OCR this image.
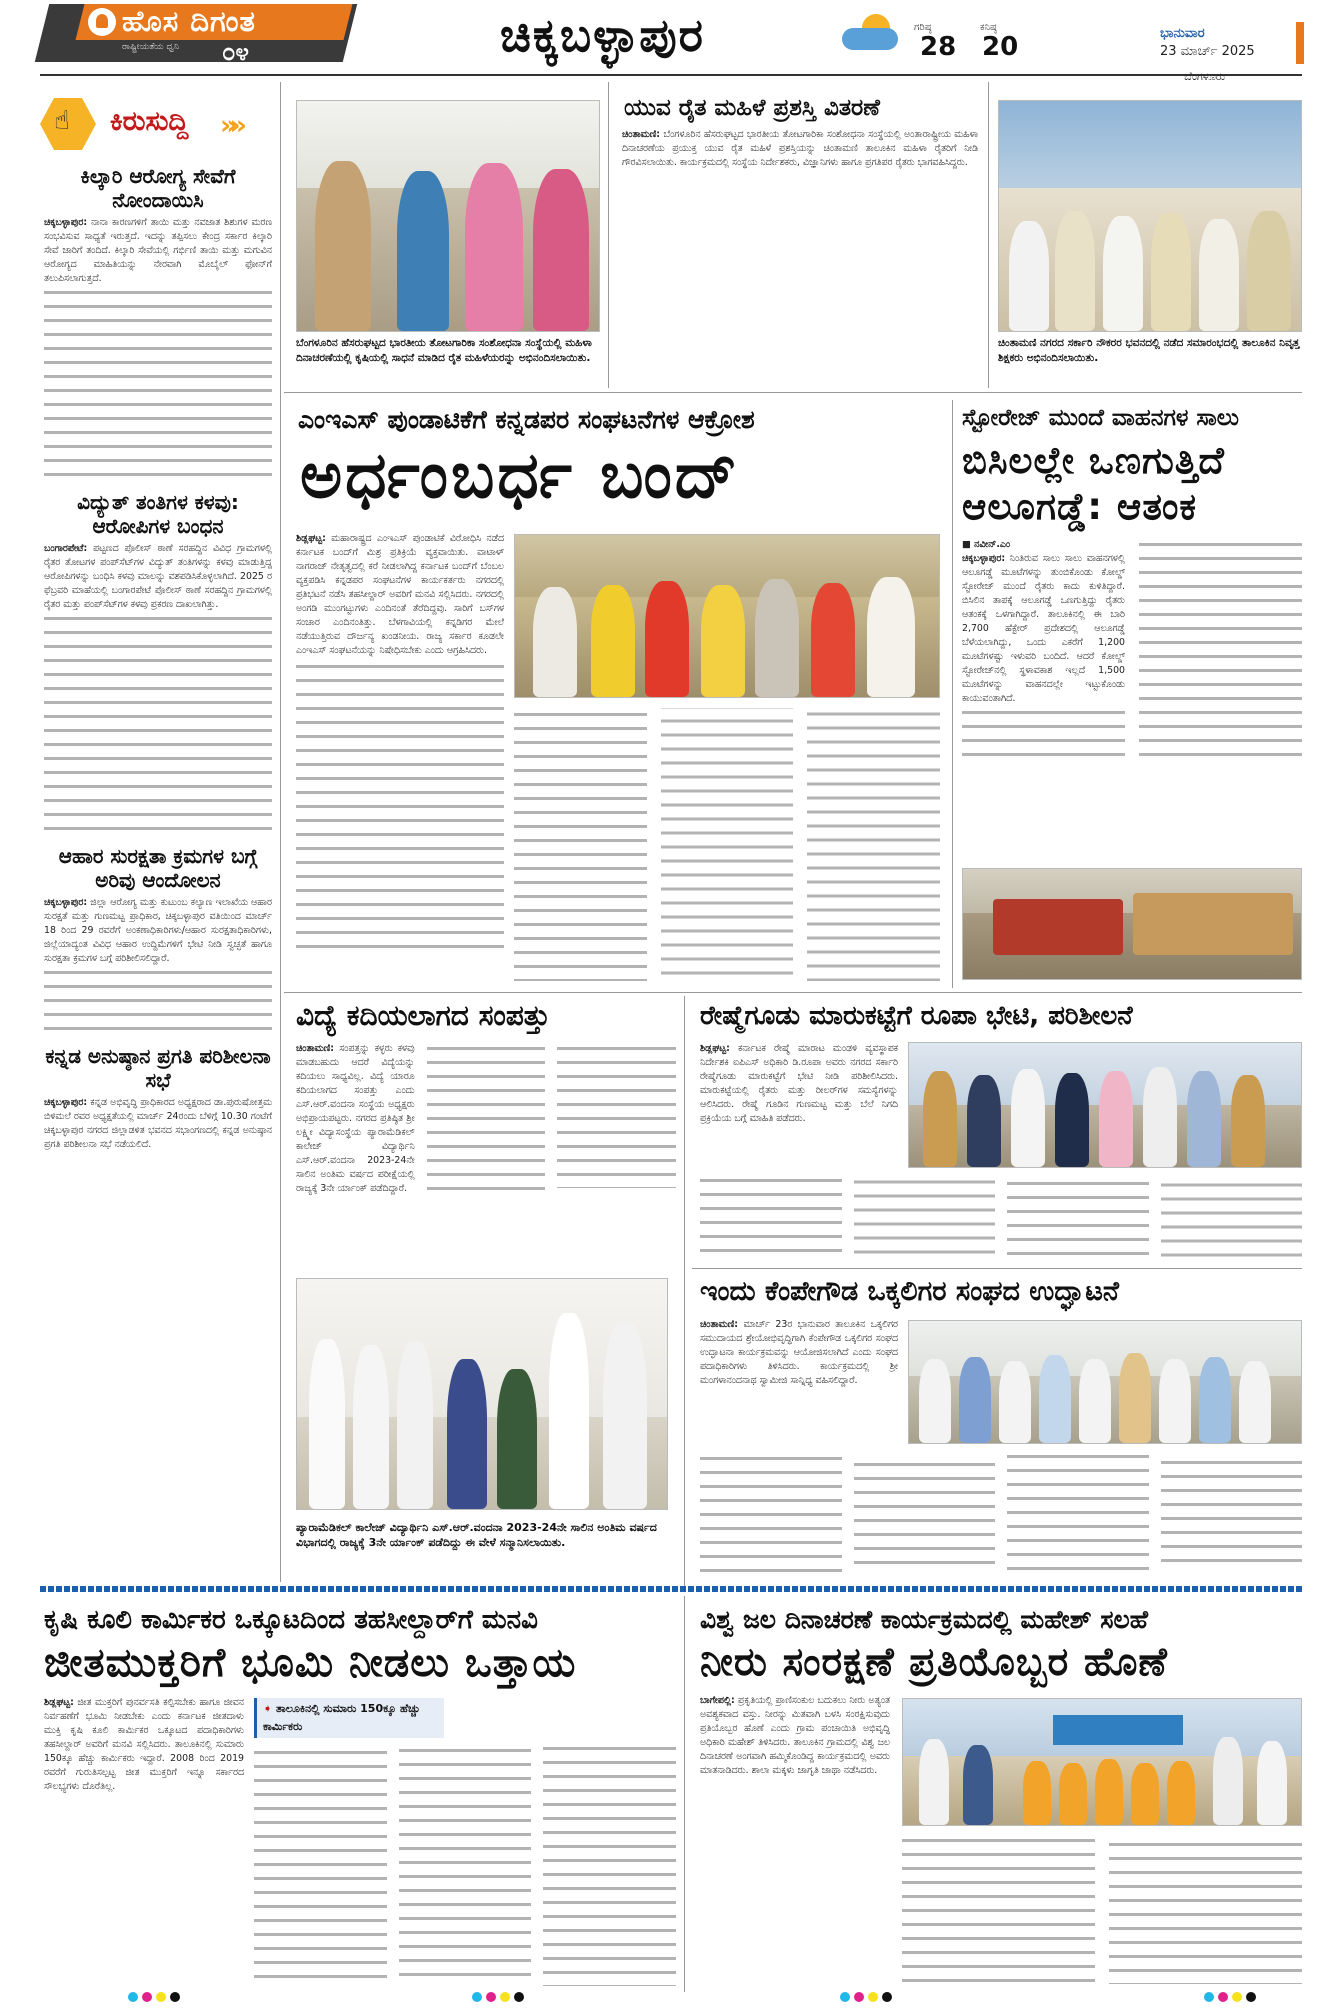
ಹೊಸ ದಿಗಂತ
ರಾಷ್ಟ್ರೀಯತೆಯ ಧ್ವನಿ ೦೪	ಚಿಕ್ಕಬಳ್ಳಾಪುರ	ಗರಿಷ್ಠ
28
ಕನಿಷ್ಠ
20	ಭಾನುವಾರ
23 ಮಾರ್ಚ್ 2025
ಬೆಂಗಳೂರು
☝
ಕಿರುಸುದ್ದಿ »»
ಕಿಲ್ಕಾರಿ ಆರೋಗ್ಯ ಸೇವೆಗೆ ನೋಂದಾಯಿಸಿ
ಚಿಕ್ಕಬಳ್ಳಾಪುರ: ನಾನಾ ಕಾರಣಗಳಿಗೆ ತಾಯಿ ಮತ್ತು ನವಜಾತ ಶಿಶುಗಳ ಮರಣ ಸಂಭವಿಸುವ ಸಾಧ್ಯತೆ ಇರುತ್ತದೆ. ಇದನ್ನು ತಪ್ಪಿಸಲು ಕೇಂದ್ರ ಸರ್ಕಾರ ಕಿಲ್ಕಾರಿ ಸೇವೆ ಜಾರಿಗೆ ತಂದಿದೆ. ಕಿಲ್ಕಾರಿ ಸೇವೆಯಲ್ಲಿ ಗರ್ಭಿಣಿ ತಾಯಿ ಮತ್ತು ಮಗುವಿನ ಆರೋಗ್ಯದ ಮಾಹಿತಿಯನ್ನು ನೇರವಾಗಿ ಮೊಬೈಲ್ ಫೋನ್‌ಗೆ ತಲುಪಿಸಲಾಗುತ್ತದೆ.
ವಿದ್ಯುತ್ ತಂತಿಗಳ ಕಳವು: ಆರೋಪಿಗಳ ಬಂಧನ
ಬಂಗಾರಪೇಟೆ: ಪಟ್ಟಣದ ಪೊಲೀಸ್ ಠಾಣೆ ಸರಹದ್ದಿನ ವಿವಿಧ ಗ್ರಾಮಗಳಲ್ಲಿ ರೈತರ ತೋಟಗಳ ಪಂಪ್‌ಸೆಟ್‌ಗಳ ವಿದ್ಯುತ್ ತಂತಿಗಳನ್ನು ಕಳವು ಮಾಡುತ್ತಿದ್ದ ಆರೋಪಿಗಳನ್ನು ಬಂಧಿಸಿ ಕಳವು ಮಾಲನ್ನು ವಶಪಡಿಸಿಕೊಳ್ಳಲಾಗಿದೆ. 2025 ರ ಫೆಬ್ರವರಿ ಮಾಹೆಯಲ್ಲಿ ಬಂಗಾರಪೇಟೆ ಪೊಲೀಸ್ ಠಾಣೆ ಸರಹದ್ದಿನ ಗ್ರಾಮಗಳಲ್ಲಿ ರೈತರ ಮತ್ತು ಪಂಪ್‌ಸೆಟ್‌ಗಳ ಕಳವು ಪ್ರಕರಣ ದಾಖಲಾಗಿತ್ತು.
ಆಹಾರ ಸುರಕ್ಷತಾ ಕ್ರಮಗಳ ಬಗ್ಗೆ ಅರಿವು ಆಂದೋಲನ
ಚಿಕ್ಕಬಳ್ಳಾಪುರ: ಜಿಲ್ಲಾ ಆರೋಗ್ಯ ಮತ್ತು ಕುಟುಂಬ ಕಲ್ಯಾಣ ಇಲಾಖೆಯ ಆಹಾರ ಸುರಕ್ಷತೆ ಮತ್ತು ಗುಣಮಟ್ಟ ಪ್ರಾಧಿಕಾರ, ಚಿಕ್ಕಬಳ್ಳಾಪುರ ವತಿಯಿಂದ ಮಾರ್ಚ್ 18 ರಿಂದ 29 ರವರೆಗೆ ಅಂಕಣಾಧಿಕಾರಿಗಳು/ಆಹಾರ ಸುರಕ್ಷತಾಧಿಕಾರಿಗಳು, ಜಿಲ್ಲೆಯಾದ್ಯಂತ ವಿವಿಧ ಆಹಾರ ಉದ್ದಿಮೆಗಳಿಗೆ ಭೇಟಿ ನೀಡಿ ಸ್ವಚ್ಛತೆ ಹಾಗೂ ಸುರಕ್ಷತಾ ಕ್ರಮಗಳ ಬಗ್ಗೆ ಪರಿಶೀಲಿಸಲಿದ್ದಾರೆ.
ಕನ್ನಡ ಅನುಷ್ಠಾನ ಪ್ರಗತಿ ಪರಿಶೀಲನಾ ಸಭೆ
ಚಿಕ್ಕಬಳ್ಳಾಪುರ: ಕನ್ನಡ ಅಭಿವೃದ್ಧಿ ಪ್ರಾಧಿಕಾರದ ಅಧ್ಯಕ್ಷರಾದ ಡಾ.ಪುರುಷೋತ್ತಮ ಬಿಳಿಮಲೆ ರವರ ಅಧ್ಯಕ್ಷತೆಯಲ್ಲಿ ಮಾರ್ಚ್ 24ರಂದು ಬೆಳಿಗ್ಗೆ 10.30 ಗಂಟೆಗೆ ಚಿಕ್ಕಬಳ್ಳಾಪುರ ನಗರದ ಜಿಲ್ಲಾಡಳಿತ ಭವನದ ಸಭಾಂಗಣದಲ್ಲಿ ಕನ್ನಡ ಅನುಷ್ಠಾನ ಪ್ರಗತಿ ಪರಿಶೀಲನಾ ಸಭೆ ನಡೆಯಲಿದೆ.
ಬೆಂಗಳೂರಿನ ಹೆಸರುಘಟ್ಟದ ಭಾರತೀಯ ತೋಟಗಾರಿಕಾ ಸಂಶೋಧನಾ ಸಂಸ್ಥೆಯಲ್ಲಿ ಮಹಿಳಾ ದಿನಾಚರಣೆಯಲ್ಲಿ ಕೃಷಿಯಲ್ಲಿ ಸಾಧನೆ ಮಾಡಿದ ರೈತ ಮಹಿಳೆಯರನ್ನು ಅಭಿನಂದಿಸಲಾಯಿತು.
ಯುವ ರೈತ ಮಹಿಳೆ ಪ್ರಶಸ್ತಿ ವಿತರಣೆ
ಚಿಂತಾಮಣಿ: ಬೆಂಗಳೂರಿನ ಹೆಸರುಘಟ್ಟದ ಭಾರತೀಯ ತೋಟಗಾರಿಕಾ ಸಂಶೋಧನಾ ಸಂಸ್ಥೆಯಲ್ಲಿ ಅಂತಾರಾಷ್ಟ್ರೀಯ ಮಹಿಳಾ ದಿನಾಚರಣೆಯ ಪ್ರಯುಕ್ತ ಯುವ ರೈತ ಮಹಿಳೆ ಪ್ರಶಸ್ತಿಯನ್ನು ಚಿಂತಾಮಣಿ ತಾಲೂಕಿನ ಮಹಿಳಾ ರೈತರಿಗೆ ನೀಡಿ ಗೌರವಿಸಲಾಯಿತು. ಕಾರ್ಯಕ್ರಮದಲ್ಲಿ ಸಂಸ್ಥೆಯ ನಿರ್ದೇಶಕರು, ವಿಜ್ಞಾನಿಗಳು ಹಾಗೂ ಪ್ರಗತಿಪರ ರೈತರು ಭಾಗವಹಿಸಿದ್ದರು.
ಚಿಂತಾಮಣಿ ನಗರದ ಸರ್ಕಾರಿ ನೌಕರರ ಭವನದಲ್ಲಿ ನಡೆದ ಸಮಾರಂಭದಲ್ಲಿ ತಾಲೂಕಿನ ನಿವೃತ್ತ ಶಿಕ್ಷಕರು ಅಭಿನಂದಿಸಲಾಯಿತು.
ಎಂಇಎಸ್ ಪುಂಡಾಟಿಕೆಗೆ ಕನ್ನಡಪರ ಸಂಘಟನೆಗಳ ಆಕ್ರೋಶ
ಅರ್ಧಂಬರ್ಧ ಬಂದ್
ಶಿಡ್ಲಘಟ್ಟ: ಮಹಾರಾಷ್ಟ್ರದ ಎಂಇಎಸ್ ಪುಂಡಾಟಿಕೆ ವಿರೋಧಿಸಿ ನಡೆದ ಕರ್ನಾಟಕ ಬಂದ್‌ಗೆ ಮಿಶ್ರ ಪ್ರತಿಕ್ರಿಯೆ ವ್ಯಕ್ತವಾಯಿತು. ವಾಟಾಳ್ ನಾಗರಾಜ್ ನೇತೃತ್ವದಲ್ಲಿ ಕರೆ ನೀಡಲಾಗಿದ್ದ ಕರ್ನಾಟಕ ಬಂದ್‌ಗೆ ಬೆಂಬಲ ವ್ಯಕ್ತಪಡಿಸಿ ಕನ್ನಡಪರ ಸಂಘಟನೆಗಳ ಕಾರ್ಯಕರ್ತರು ನಗರದಲ್ಲಿ ಪ್ರತಿಭಟನೆ ನಡೆಸಿ ತಹಸೀಲ್ದಾರ್ ಅವರಿಗೆ ಮನವಿ ಸಲ್ಲಿಸಿದರು. ನಗರದಲ್ಲಿ ಅಂಗಡಿ ಮುಂಗಟ್ಟುಗಳು ಎಂದಿನಂತೆ ತೆರೆದಿದ್ದವು. ಸಾರಿಗೆ ಬಸ್‌ಗಳ ಸಂಚಾರ ಎಂದಿನಂತಿತ್ತು. ಬೆಳಗಾವಿಯಲ್ಲಿ ಕನ್ನಡಿಗರ ಮೇಲೆ ನಡೆಯುತ್ತಿರುವ ದೌರ್ಜನ್ಯ ಖಂಡನೀಯ. ರಾಜ್ಯ ಸರ್ಕಾರ ಕೂಡಲೇ ಎಂಇಎಸ್ ಸಂಘಟನೆಯನ್ನು ನಿಷೇಧಿಸಬೇಕು ಎಂದು ಆಗ್ರಹಿಸಿದರು.
ಸ್ಟೋರೇಜ್ ಮುಂದೆ ವಾಹನಗಳ ಸಾಲು
ಬಿಸಿಲಲ್ಲೇ ಒಣಗುತ್ತಿದೆ
ಆಲೂಗಡ್ಡೆ: ಆತಂಕ
■ ನವೀನ್.ಎಂ
ಚಿಕ್ಕಬಳ್ಳಾಪುರ: ನಿಂತಿರುವ ಸಾಲು ಸಾಲು ವಾಹನಗಳಲ್ಲಿ ಆಲೂಗಡ್ಡೆ ಮೂಟೆಗಳನ್ನು ತುಂಬಿಕೊಂಡು ಕೋಲ್ಡ್ ಸ್ಟೋರೇಜ್ ಮುಂದೆ ರೈತರು ಕಾದು ಕುಳಿತಿದ್ದಾರೆ. ಬಿಸಿಲಿನ ತಾಪಕ್ಕೆ ಆಲೂಗಡ್ಡೆ ಒಣಗುತ್ತಿದ್ದು ರೈತರು ಆತಂಕಕ್ಕೆ ಒಳಗಾಗಿದ್ದಾರೆ. ತಾಲೂಕಿನಲ್ಲಿ ಈ ಬಾರಿ 2,700 ಹೆಕ್ಟೇರ್ ಪ್ರದೇಶದಲ್ಲಿ ಆಲೂಗಡ್ಡೆ ಬೆಳೆಯಲಾಗಿದ್ದು, ಒಂದು ಎಕರೆಗೆ 1,200 ಮೂಟೆಗಳಷ್ಟು ಇಳುವರಿ ಬಂದಿದೆ. ಆದರೆ ಕೋಲ್ಡ್ ಸ್ಟೋರೇಜ್‌ನಲ್ಲಿ ಸ್ಥಳಾವಕಾಶ ಇಲ್ಲದೆ 1,500 ಮೂಟೆಗಳನ್ನು ವಾಹನದಲ್ಲೇ ಇಟ್ಟುಕೊಂಡು ಕಾಯುವಂತಾಗಿದೆ.
ವಿದ್ಯೆ ಕದಿಯಲಾಗದ ಸಂಪತ್ತು
ಚಿಂತಾಮಣಿ: ಸಂಪತ್ತನ್ನು ಕಳ್ಳರು ಕಳವು ಮಾಡಬಹುದು ಆದರೆ ವಿದ್ಯೆಯನ್ನು ಕದಿಯಲು ಸಾಧ್ಯವಿಲ್ಲ. ವಿದ್ಯೆ ಯಾರೂ ಕದಿಯಲಾಗದ ಸಂಪತ್ತು ಎಂದು ಎಸ್.ಆರ್.ವಂದನಾ ಸಂಸ್ಥೆಯ ಅಧ್ಯಕ್ಷರು ಅಭಿಪ್ರಾಯಪಟ್ಟರು. ನಗರದ ಪ್ರತಿಷ್ಠಿತ ಶ್ರೀ ಲಕ್ಷ್ಮೀ ವಿದ್ಯಾಸಂಸ್ಥೆಯ ಪ್ಯಾರಾಮೆಡಿಕಲ್ ಕಾಲೇಜ್ ವಿದ್ಯಾರ್ಥಿನಿ ಎಸ್.ಆರ್.ವಂದನಾ 2023-24ನೇ ಸಾಲಿನ ಅಂತಿಮ ವರ್ಷದ ಪರೀಕ್ಷೆಯಲ್ಲಿ ರಾಜ್ಯಕ್ಕೆ 3ನೇ ರ್ಯಾಂಕ್ ಪಡೆದಿದ್ದಾರೆ.
ಪ್ಯಾರಾಮೆಡಿಕಲ್ ಕಾಲೇಜ್ ವಿದ್ಯಾರ್ಥಿನಿ ಎಸ್.ಆರ್.ವಂದನಾ 2023-24ನೇ ಸಾಲಿನ ಅಂತಿಮ ವರ್ಷದ ವಿಭಾಗದಲ್ಲಿ ರಾಜ್ಯಕ್ಕೆ 3ನೇ ರ್ಯಾಂಕ್ ಪಡೆದಿದ್ದು ಈ ವೇಳೆ ಸನ್ಮಾನಿಸಲಾಯಿತು.
ರೇಷ್ಮೆಗೂಡು ಮಾರುಕಟ್ಟೆಗೆ ರೂಪಾ ಭೇಟಿ, ಪರಿಶೀಲನೆ
ಶಿಡ್ಲಘಟ್ಟ: ಕರ್ನಾಟಕ ರೇಷ್ಮೆ ಮಾರಾಟ ಮಂಡಳಿ ವ್ಯವಸ್ಥಾಪಕ ನಿರ್ದೇಶಕಿ ಐಪಿಎಸ್ ಅಧಿಕಾರಿ ಡಿ.ರೂಪಾ ಅವರು ನಗರದ ಸರ್ಕಾರಿ ರೇಷ್ಮೆಗೂಡು ಮಾರುಕಟ್ಟೆಗೆ ಭೇಟಿ ನೀಡಿ ಪರಿಶೀಲಿಸಿದರು. ಮಾರುಕಟ್ಟೆಯಲ್ಲಿ ರೈತರು ಮತ್ತು ರೀಲರ್‌ಗಳ ಸಮಸ್ಯೆಗಳನ್ನು ಆಲಿಸಿದರು. ರೇಷ್ಮೆ ಗೂಡಿನ ಗುಣಮಟ್ಟ ಮತ್ತು ಬೆಲೆ ನಿಗದಿ ಪ್ರಕ್ರಿಯೆಯ ಬಗ್ಗೆ ಮಾಹಿತಿ ಪಡೆದರು.
ಇಂದು ಕೆಂಪೇಗೌಡ ಒಕ್ಕಲಿಗರ ಸಂಘದ ಉದ್ಘಾಟನೆ
ಚಿಂತಾಮಣಿ: ಮಾರ್ಚ್ 23ರ ಭಾನುವಾರ ತಾಲೂಕಿನ ಒಕ್ಕಲಿಗರ ಸಮುದಾಯದ ಶ್ರೇಯೋಭಿವೃದ್ಧಿಗಾಗಿ ಕೆಂಪೇಗೌಡ ಒಕ್ಕಲಿಗರ ಸಂಘದ ಉದ್ಘಾಟನಾ ಕಾರ್ಯಕ್ರಮವನ್ನು ಆಯೋಜಿಸಲಾಗಿದೆ ಎಂದು ಸಂಘದ ಪದಾಧಿಕಾರಿಗಳು ತಿಳಿಸಿದರು. ಕಾರ್ಯಕ್ರಮದಲ್ಲಿ ಶ್ರೀ ಮಂಗಳಾನಂದನಾಥ ಸ್ವಾಮೀಜಿ ಸಾನ್ನಿಧ್ಯ ವಹಿಸಲಿದ್ದಾರೆ.
ಕೃಷಿ ಕೂಲಿ ಕಾರ್ಮಿಕರ ಒಕ್ಕೂಟದಿಂದ ತಹಸೀಲ್ದಾರ್‌ಗೆ ಮನವಿ
ಜೀತಮುಕ್ತರಿಗೆ ಭೂಮಿ ನೀಡಲು ಒತ್ತಾಯ
ಶಿಡ್ಲಘಟ್ಟ: ಜೀತ ಮುಕ್ತರಿಗೆ ಪುನರ್ವಸತಿ ಕಲ್ಪಿಸಬೇಕು ಹಾಗೂ ಜೀವನ ನಿರ್ವಹಣೆಗೆ ಭೂಮಿ ನೀಡಬೇಕು ಎಂದು ಕರ್ನಾಟಕ ಜೀತದಾಳು ಮುಕ್ತಿ ಕೃಷಿ ಕೂಲಿ ಕಾರ್ಮಿಕರ ಒಕ್ಕೂಟದ ಪದಾಧಿಕಾರಿಗಳು ತಹಸೀಲ್ದಾರ್ ಅವರಿಗೆ ಮನವಿ ಸಲ್ಲಿಸಿದರು. ತಾಲೂಕಿನಲ್ಲಿ ಸುಮಾರು 150ಕ್ಕೂ ಹೆಚ್ಚು ಕಾರ್ಮಿಕರು ಇದ್ದಾರೆ. 2008 ರಿಂದ 2019 ರವರೆಗೆ ಗುರುತಿಸಲ್ಪಟ್ಟ ಜೀತ ಮುಕ್ತರಿಗೆ ಇನ್ನೂ ಸರ್ಕಾರದ ಸೌಲಭ್ಯಗಳು ದೊರೆತಿಲ್ಲ.
➧ ತಾಲೂಕಿನಲ್ಲಿ ಸುಮಾರು 150ಕ್ಕೂ ಹೆಚ್ಚು ಕಾರ್ಮಿಕರು
ವಿಶ್ವ ಜಲ ದಿನಾಚರಣೆ ಕಾರ್ಯಕ್ರಮದಲ್ಲಿ ಮಹೇಶ್ ಸಲಹೆ
ನೀರು ಸಂರಕ್ಷಣೆ ಪ್ರತಿಯೊಬ್ಬರ ಹೊಣೆ
ಬಾಗೇಪಲ್ಲಿ: ಪ್ರಕೃತಿಯಲ್ಲಿ ಪ್ರಾಣಿಸಂಕುಲ ಬದುಕಲು ನೀರು ಅತ್ಯಂತ ಅವಶ್ಯಕವಾದ ವಸ್ತು. ನೀರನ್ನು ಮಿತವಾಗಿ ಬಳಸಿ ಸಂರಕ್ಷಿಸುವುದು ಪ್ರತಿಯೊಬ್ಬರ ಹೊಣೆ ಎಂದು ಗ್ರಾಮ ಪಂಚಾಯಿತಿ ಅಭಿವೃದ್ಧಿ ಅಧಿಕಾರಿ ಮಹೇಶ್ ತಿಳಿಸಿದರು. ತಾಲೂಕಿನ ಗ್ರಾಮದಲ್ಲಿ ವಿಶ್ವ ಜಲ ದಿನಾಚರಣೆ ಅಂಗವಾಗಿ ಹಮ್ಮಿಕೊಂಡಿದ್ದ ಕಾರ್ಯಕ್ರಮದಲ್ಲಿ ಅವರು ಮಾತನಾಡಿದರು. ಶಾಲಾ ಮಕ್ಕಳು ಜಾಗೃತಿ ಜಾಥಾ ನಡೆಸಿದರು.
